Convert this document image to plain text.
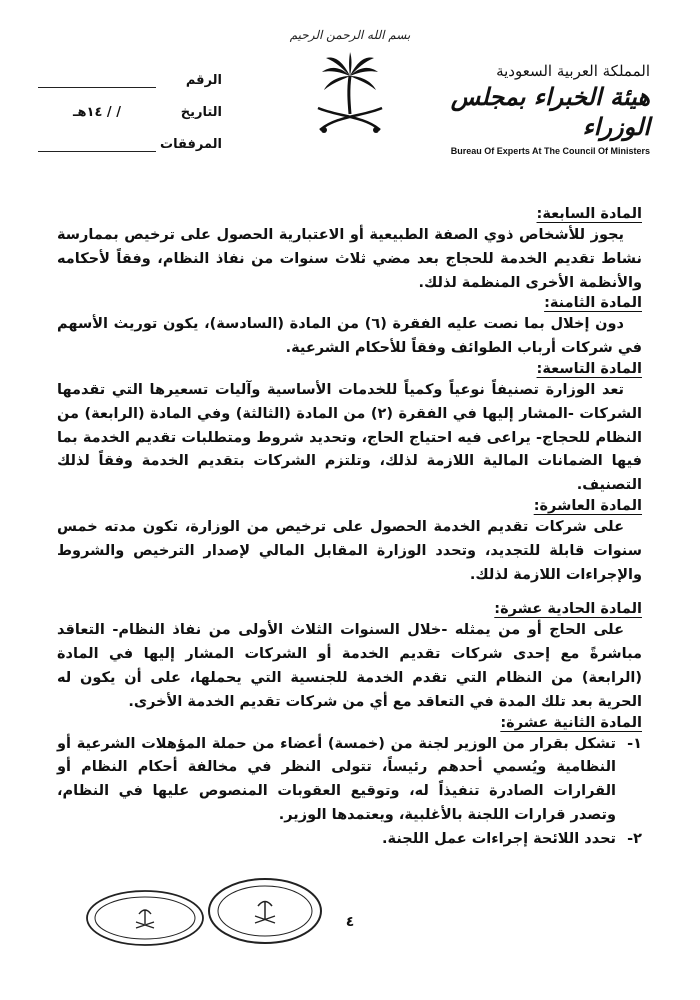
بسم الله الرحمن الرحيم
الرقم
التاريخ
/ / ١٤هـ
المرفقات
المملكة العربية السعودية
هيئة الخبراء بمجلس الوزراء
Bureau Of Experts At The Council Of Ministers
المادة السابعة:

يجوز للأشخاص ذوي الصفة الطبيعية أو الاعتبارية الحصول على ترخيص بممارسة نشاط تقديم الخدمة للحجاج بعد مضي ثلاث سنوات من نفاذ النظام، وفقاً لأحكامه والأنظمة الأخرى المنظمة لذلك.

المادة الثامنة:

دون إخلال بما نصت عليه الفقرة (٦) من المادة (السادسة)، يكون توريث الأسهم في شركات أرباب الطوائف وفقاً للأحكام الشرعية.

المادة التاسعة:

تعد الوزارة تصنيفاً نوعياً وكمياً للخدمات الأساسية وآليات تسعيرها التي تقدمها الشركات -المشار إليها في الفقرة (٢) من المادة (الثالثة) وفي المادة (الرابعة) من النظام للحجاج- يراعى فيه احتياج الحاج، وتحديد شروط ومتطلبات تقديم الخدمة بما فيها الضمانات المالية اللازمة لذلك، وتلتزم الشركات بتقديم الخدمة وفقاً لذلك التصنيف.

المادة العاشرة:

على شركات تقديم الخدمة الحصول على ترخيص من الوزارة، تكون مدته خمس سنوات قابلة للتجديد، وتحدد الوزارة المقابل المالي لإصدار الترخيص والشروط والإجراءات اللازمة لذلك.

المادة الحادية عشرة:

على الحاج أو من يمثله -خلال السنوات الثلاث الأولى من نفاذ النظام- التعاقد مباشرةً مع إحدى شركات تقديم الخدمة أو الشركات المشار إليها في المادة (الرابعة) من النظام التي تقدم الخدمة للجنسية التي يحملها، على أن يكون له الحرية بعد تلك المدة في التعاقد مع أي من شركات تقديم الخدمة الأخرى.

المادة الثانية عشرة:
١-
تشكل بقرار من الوزير لجنة من (خمسة) أعضاء من حملة المؤهلات الشرعية أو النظامية ويُسمي أحدهم رئيساً، تتولى النظر في مخالفة أحكام النظام أو القرارات الصادرة تنفيذاً له، وتوقيع العقوبات المنصوص عليها في النظام، وتصدر قرارات اللجنة بالأغلبية، ويعتمدها الوزير.
٢-
تحدد اللائحة إجراءات عمل اللجنة.
٤
